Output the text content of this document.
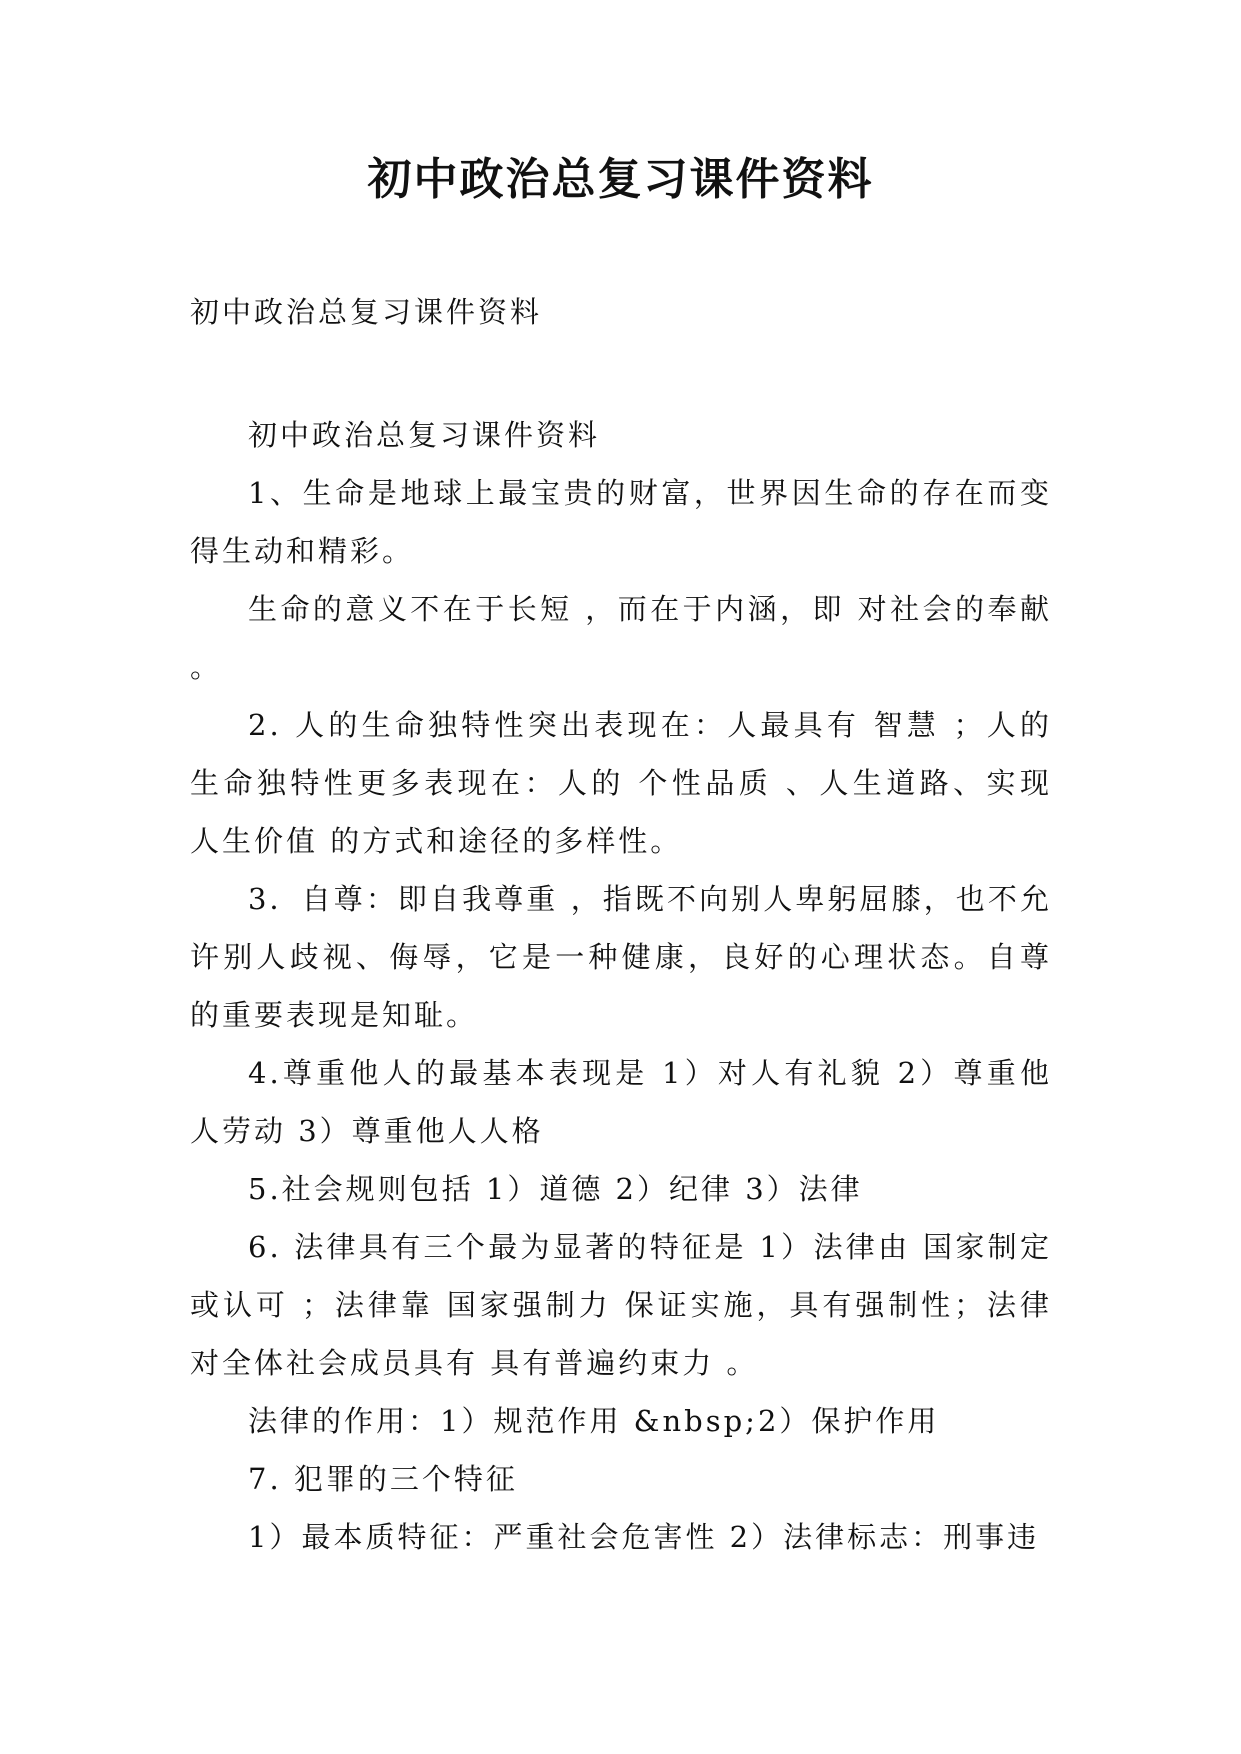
初中政治总复习课件资料

初中政治总复习课件资料

初中政治总复习课件资料

1、生命是地球上最宝贵的财富，世界因生命的存在而变得生动和精彩。

生命的意义不在于长短 ，而在于内涵，即 对社会的奉献 。

2. 人的生命独特性突出表现在：人最具有 智慧 ；人的生命独特性更多表现在：人的 个性品质 、人生道路、实现 人生价值 的方式和途径的多样性。

3．自尊：即自我尊重 ，指既不向别人卑躬屈膝，也不允许别人歧视、侮辱，它是一种健康，良好的心理状态。自尊的重要表现是知耻。

4.尊重他人的最基本表现是 1）对人有礼貌 2）尊重他人劳动 3）尊重他人人格

5.社会规则包括 1）道德 2）纪律 3）法律

6. 法律具有三个最为显著的特征是 1）法律由 国家制定或认可 ；法律靠 国家强制力 保证实施，具有强制性；法律对全体社会成员具有 具有普遍约束力 。

法律的作用：1）规范作用 &nbsp;2）保护作用

7. 犯罪的三个特征

1）最本质特征：严重社会危害性 2）法律标志：刑事违
